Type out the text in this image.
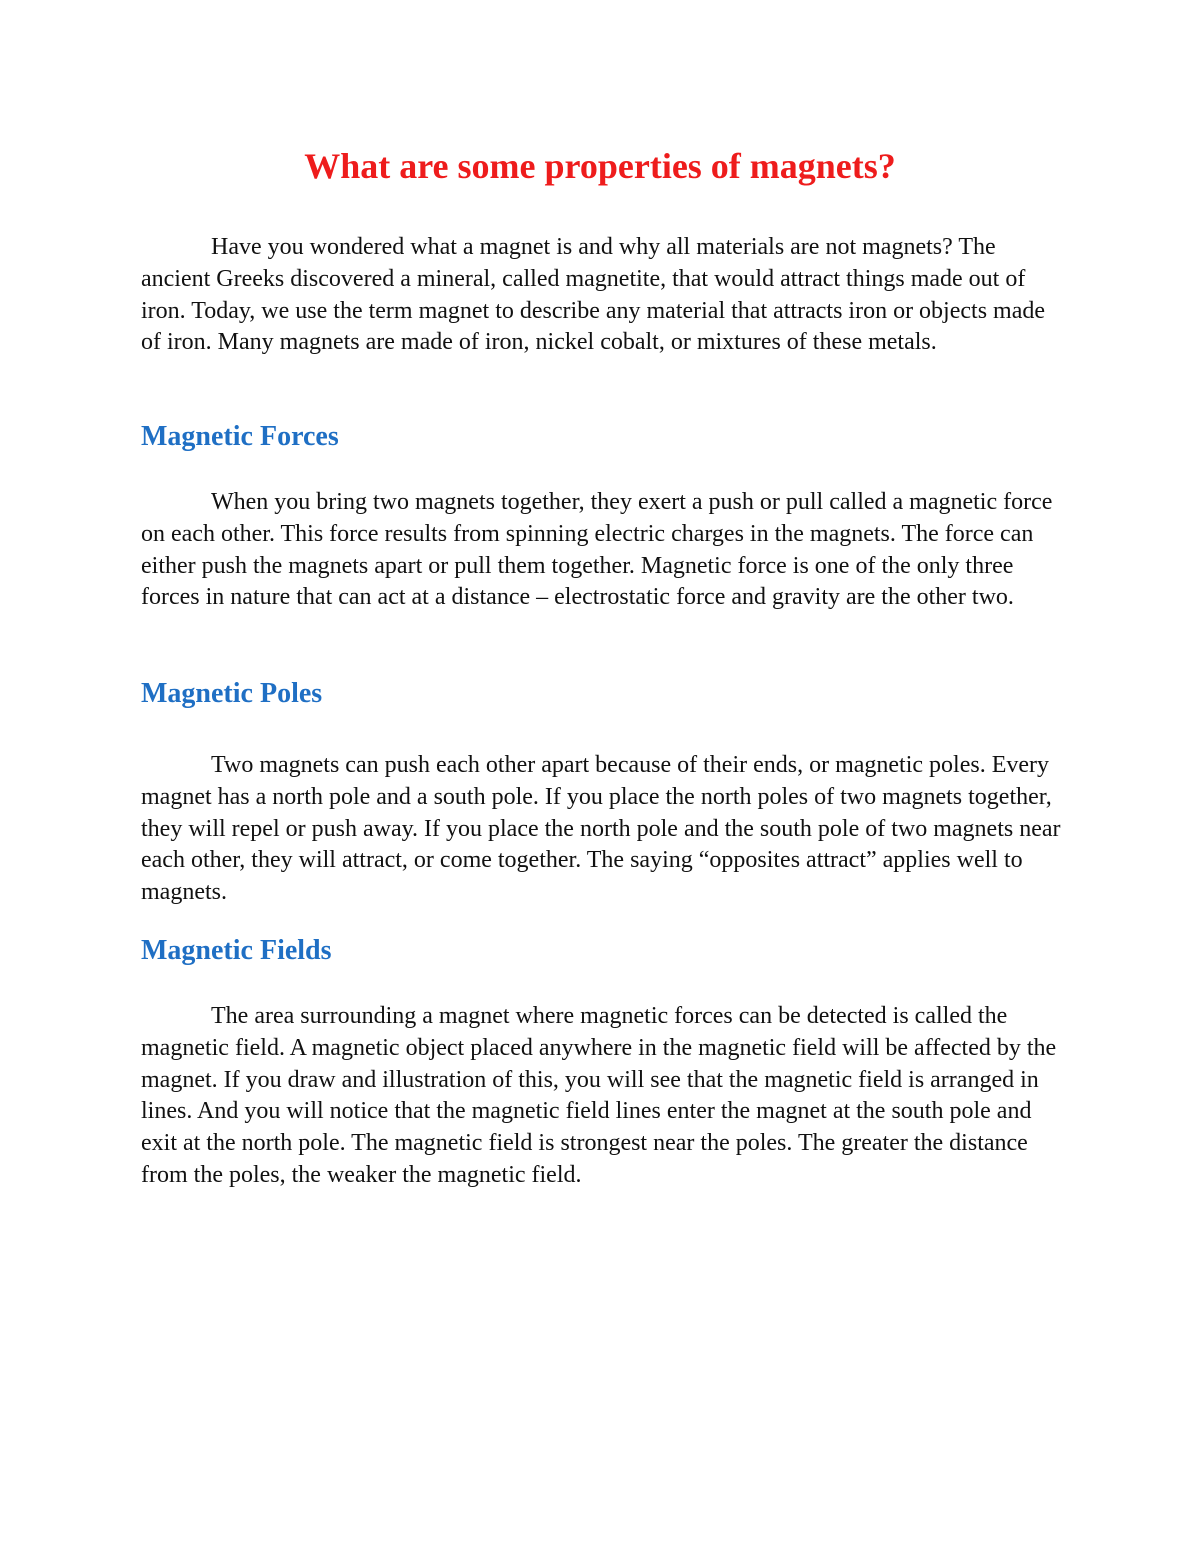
What are some properties of magnets?

Have you wondered what a magnet is and why all materials are not magnets? The ancient Greeks discovered a mineral, called magnetite, that would attract things made out of iron. Today, we use the term magnet to describe any material that attracts iron or objects made of iron. Many magnets are made of iron, nickel cobalt, or mixtures of these metals.

Magnetic Forces

When you bring two magnets together, they exert a push or pull called a magnetic force on each other. This force results from spinning electric charges in the magnets. The force can either push the magnets apart or pull them together. Magnetic force is one of the only three forces in nature that can act at a distance – electrostatic force and gravity are the other two.

Magnetic Poles

Two magnets can push each other apart because of their ends, or magnetic poles. Every magnet has a north pole and a south pole. If you place the north poles of two magnets together, they will repel or push away. If you place the north pole and the south pole of two magnets near each other, they will attract, or come together. The saying “opposites attract” applies well to magnets.

Magnetic Fields

The area surrounding a magnet where magnetic forces can be detected is called the magnetic field. A magnetic object placed anywhere in the magnetic field will be affected by the magnet. If you draw and illustration of this, you will see that the magnetic field is arranged in lines. And you will notice that the magnetic field lines enter the magnet at the south pole and exit at the north pole. The magnetic field is strongest near the poles. The greater the distance from the poles, the weaker the magnetic field.
